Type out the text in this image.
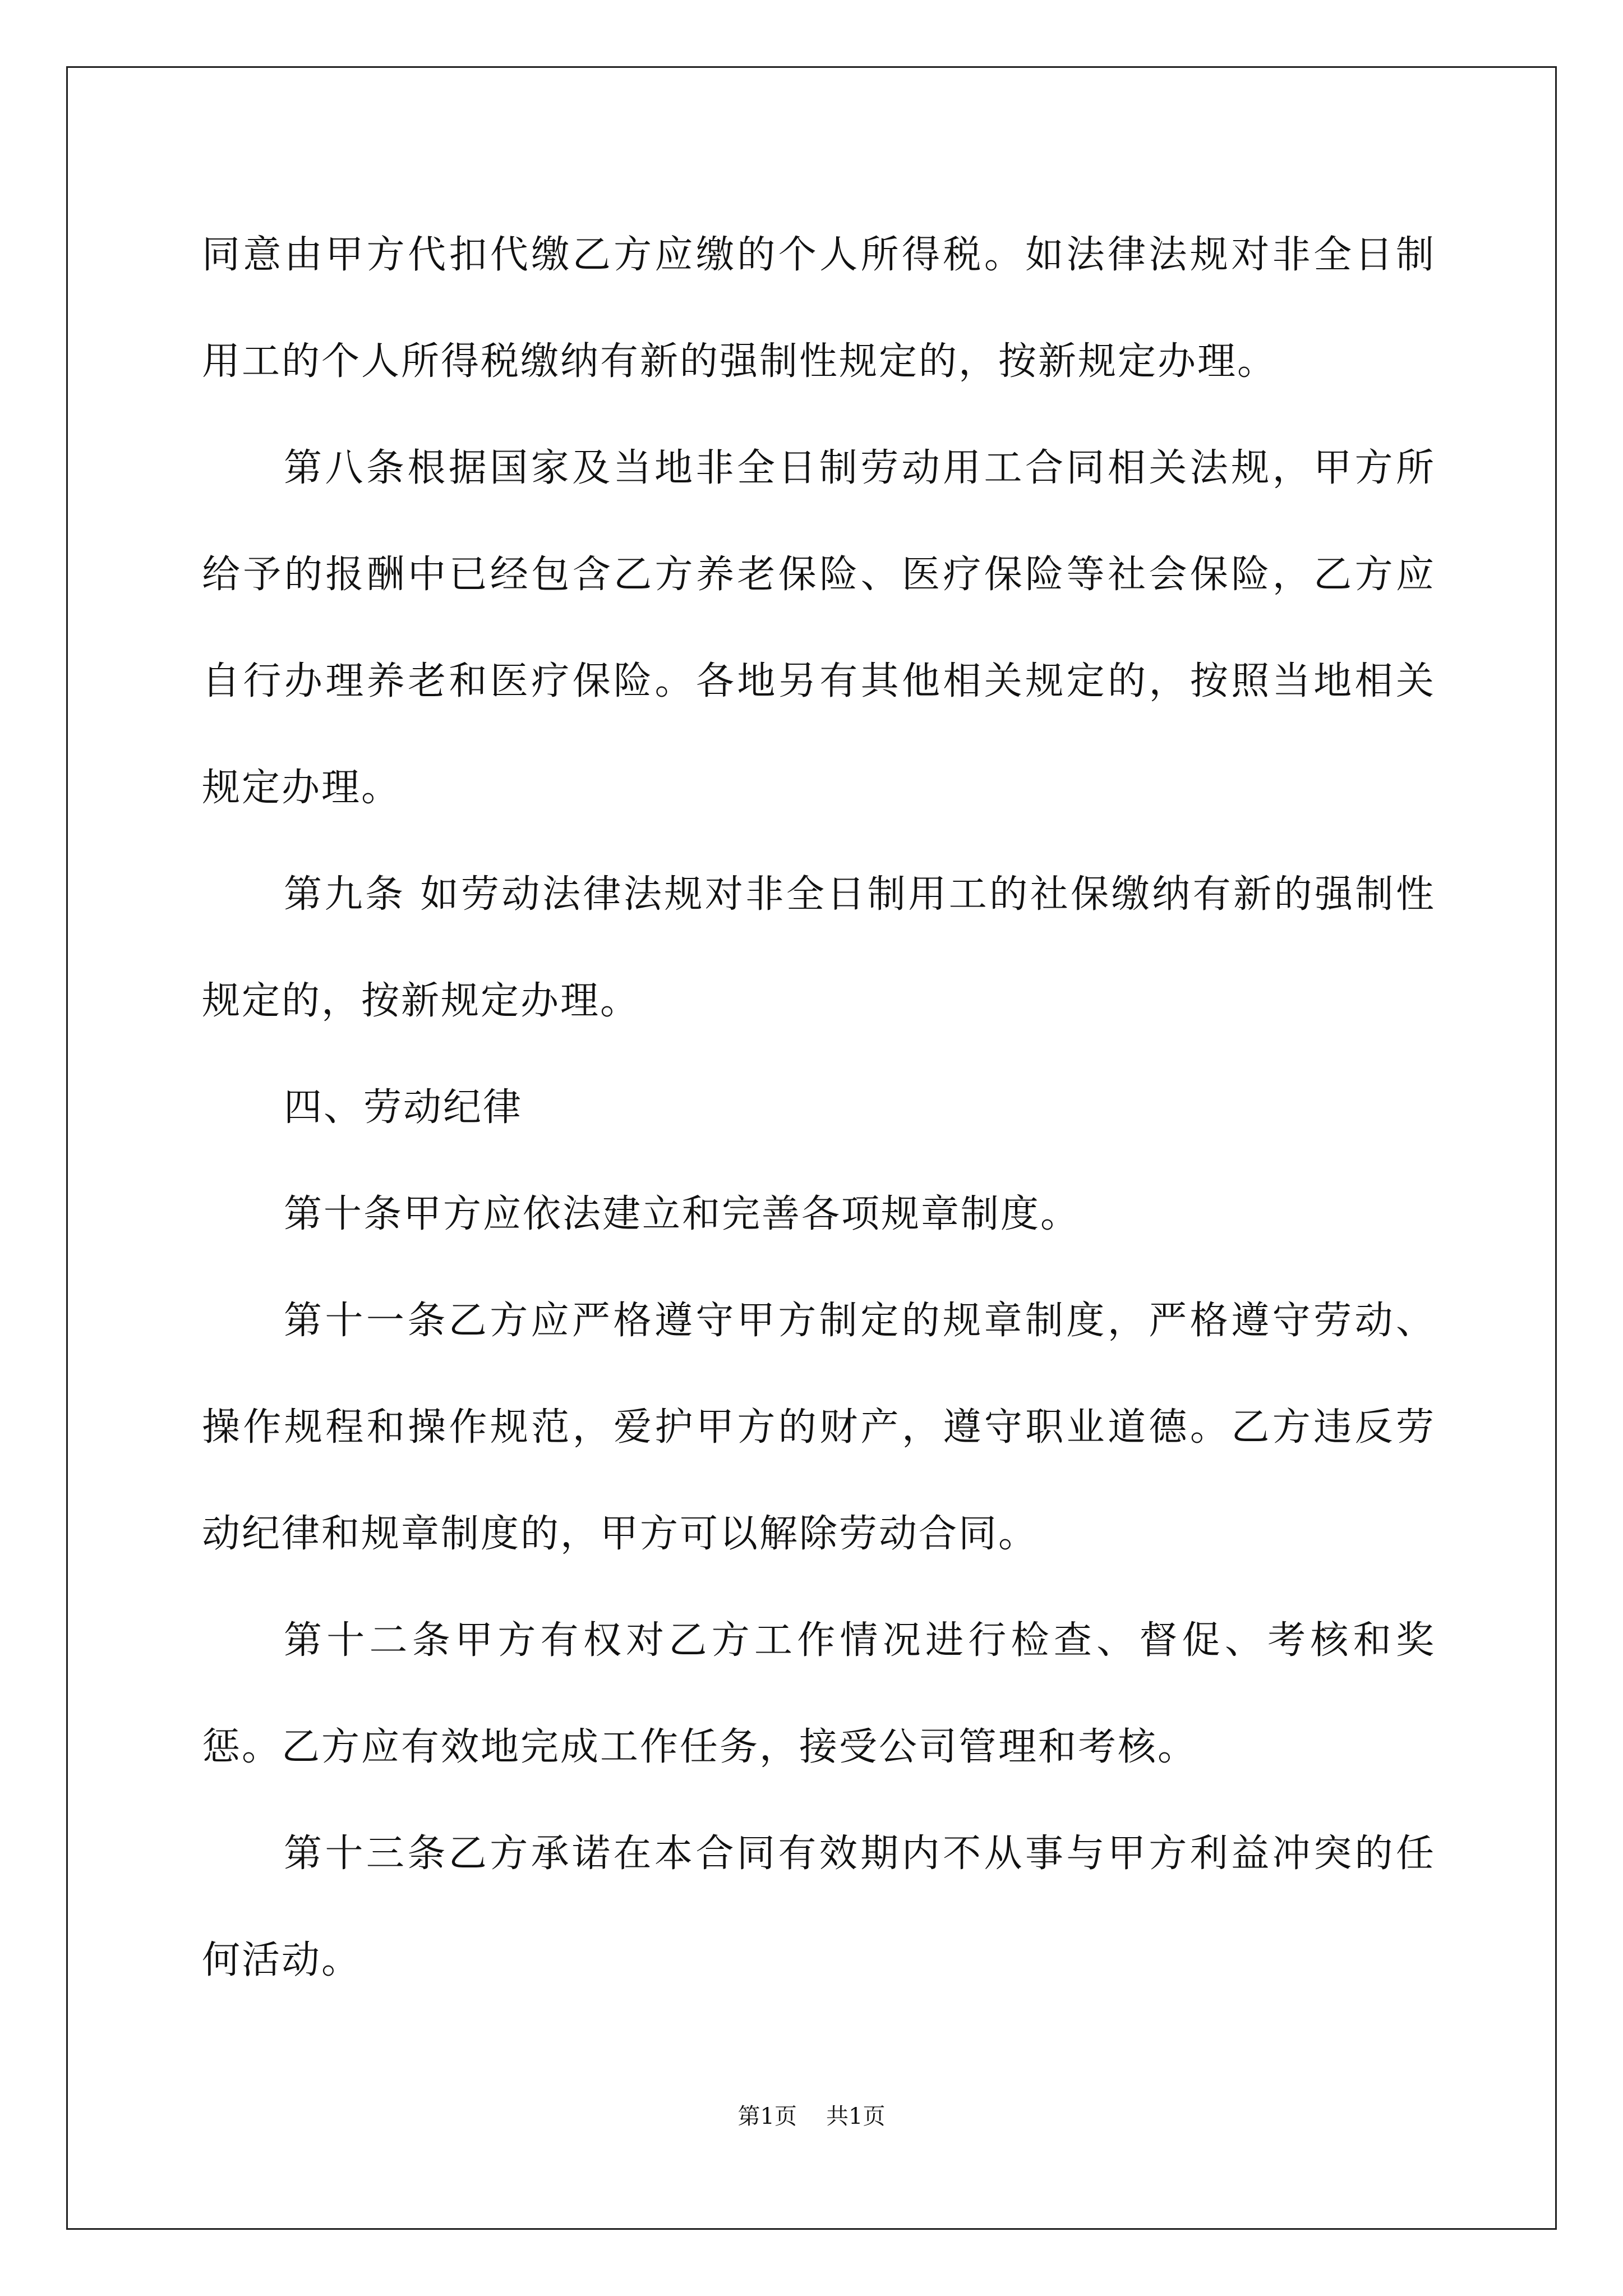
同意由甲方代扣代缴乙方应缴的个人所得税。如法律法规对非全日制用工的个人所得税缴纳有新的强制性规定的，按新规定办理。

第八条根据国家及当地非全日制劳动用工合同相关法规，甲方所给予的报酬中已经包含乙方养老保险、医疗保险等社会保险，乙方应自行办理养老和医疗保险。各地另有其他相关规定的，按照当地相关规定办理。

第九条 如劳动法律法规对非全日制用工的社保缴纳有新的强制性规定的，按新规定办理。

四、劳动纪律

第十条甲方应依法建立和完善各项规章制度。

第十一条乙方应严格遵守甲方制定的规章制度，严格遵守劳动、操作规程和操作规范，爱护甲方的财产，遵守职业道德。乙方违反劳动纪律和规章制度的，甲方可以解除劳动合同。

第十二条甲方有权对乙方工作情况进行检查、督促、考核和奖惩。乙方应有效地完成工作任务，接受公司管理和考核。

第十三条乙方承诺在本合同有效期内不从事与甲方利益冲突的任何活动。

第1页 共1页
